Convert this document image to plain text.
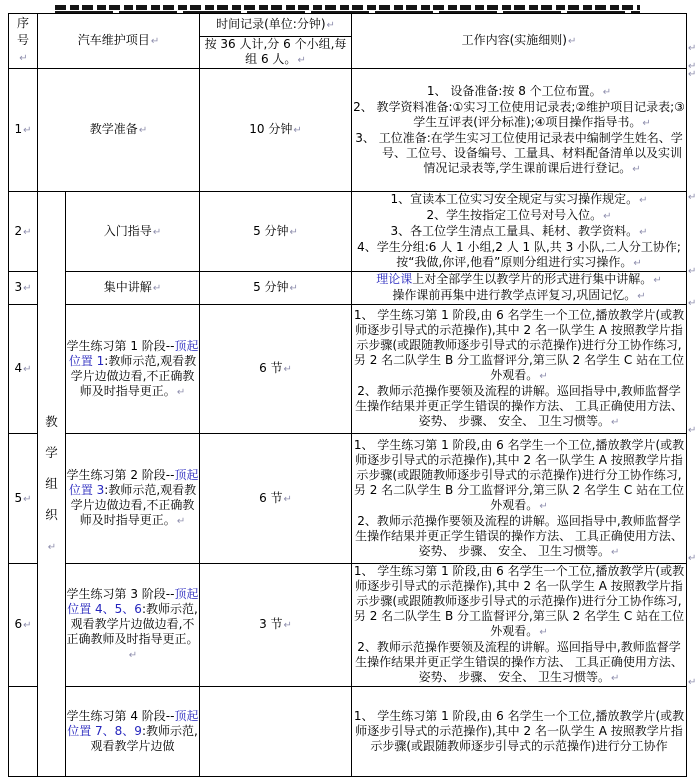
序号 ↵	汽车维护项目 ↵		时间记录(单位:分钟) ↵	工作内容(实施细则) ↵
			按 36 人计,分 6 个小组,每组 6 人。 ↵
1 ↵	教学准备 ↵		10 分钟 ↵	1、 设备准备:按 8 个工位布置。 ↵
2、 教学资料准备:①实习工位使用记录表;②维护项目记录表;③学生互评表(评分标准);④项目操作指导书。 ↵
3、 工位准备:在学生实习工位使用记录表中编制学生姓名、学号、工位号、设备编号、工量具、材料配备清单以及实训情况记录表等,学生课前课后进行登记。 ↵

2 ↵	教学组织 ↵	入门指导 ↵	5 分钟 ↵	1、宣读本工位实习安全规定与实习操作规定。 ↵
2、学生按指定工位号对号入位。 ↵
3、各工位学生清点工量具、耗材、教学资料。 ↵
4、学生分组:6 人 1 小组,2 人 1 队,共 3 小队,二人分工协作;按“我做,你评,他看”原则分组进行实习操作。 ↵

3 ↵		集中讲解 ↵	5 分钟 ↵	理论课上对全部学生以教学片的形式进行集中讲解。 ↵
操作课前再集中进行教学点评复习,巩固记忆。 ↵

4 ↵		学生练习第 1 阶段--顶起位置 1:教师示范,观看教学片边做边看,不正确教师及时指导更正。 ↵	6 节 ↵	1、 学生练习第 1 阶段,由 6 名学生一个工位,播放教学片(或教师逐步引导式的示范操作),其中 2 名一队学生 A 按照教学片指示步骤(或跟随教师逐步引导式的示范操作)进行分工协作练习,另 2 名二队学生 B 分工监督评分,第三队 2 名学生 C 站在工位外观看。 ↵
2、教师示范操作要领及流程的讲解。巡回指导中,教师监督学生操作结果并更正学生错误的操作方法、 工具正确使用方法、 姿势、 步骤、 安全、 卫生习惯等。 ↵

5 ↵		学生练习第 2 阶段--顶起位置 3:教师示范,观看教学片边做边看,不正确教师及时指导更正。 ↵	6 节 ↵	1、 学生练习第 1 阶段,由 6 名学生一个工位,播放教学片(或教师逐步引导式的示范操作),其中 2 名一队学生 A 按照教学片指示步骤(或跟随教师逐步引导式的示范操作)进行分工协作练习,另 2 名二队学生 B 分工监督评分,第三队 2 名学生 C 站在工位外观看。 ↵
2、教师示范操作要领及流程的讲解。巡回指导中,教师监督学生操作结果并更正学生错误的操作方法、 工具正确使用方法、 姿势、 步骤、 安全、 卫生习惯等。 ↵

6 ↵		学生练习第 3 阶段--顶起位置 4、5、6:教师示范,观看教学片边做边看,不正确教师及时指导更正。 ↵	3 节 ↵	1、 学生练习第 1 阶段,由 6 名学生一个工位,播放教学片(或教师逐步引导式的示范操作),其中 2 名一队学生 A 按照教学片指示步骤(或跟随教师逐步引导式的示范操作)进行分工协作练习,另 2 名二队学生 B 分工监督评分,第三队 2 名学生 C 站在工位外观看。 ↵
2、教师示范操作要领及流程的讲解。巡回指导中,教师监督学生操作结果并更正学生错误的操作方法、 工具正确使用方法、 姿势、 步骤、 安全、 卫生习惯等。 ↵

		学生练习第 4 阶段--顶起位置 7、8、9:教师示范,观看教学片边做		1、 学生练习第 1 阶段,由 6 名学生一个工位,播放教学片(或教师逐步引导式的示范操作),其中 2 名一队学生 A 按照教学片指示步骤(或跟随教师逐步引导式的示范操作)进行分工协作
↵
↵
↵
↵
↵
↵
↵
↵
↵
